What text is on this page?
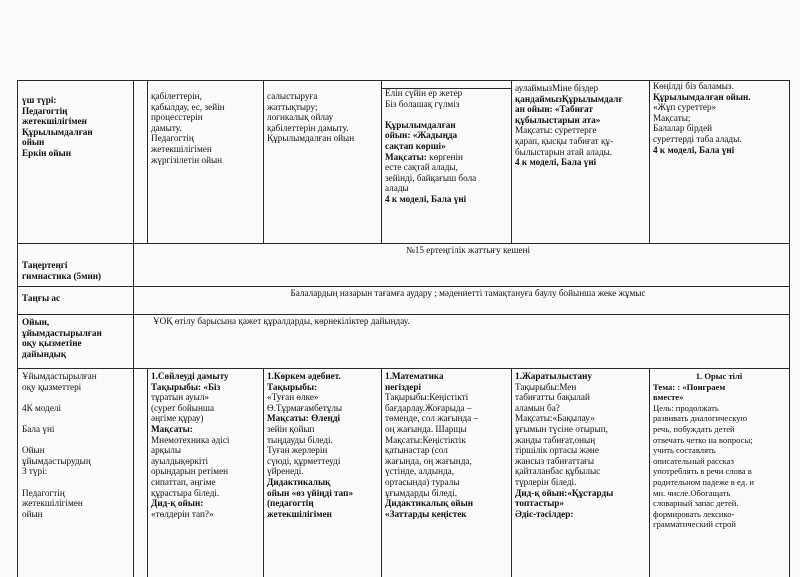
үш түрі:

Педагогтің

жетекшілігімен

Құрылымдалған

ойын

Еркін ойын

қабілеттерін,

қабылдау, ес, зейін

процесстерін

дамыту.

Педагогтің

жетекшілігімен

жүргізілетін ойын

салыстыруға

жаттықтыру;

логикалық ойлау

қабілеттерін дамыту.

Құрылымдалған ойын

Елін сүйін ер жетер

Біз болашақ гүлміз

Құрылымдалған

ойын: «Жадыңда

сақтап көрші»

Мақсаты: көргенін

есте сақтай алады,

зейінді, байқағыш бола

алады

4 к моделі, Бала үні

аулаймызМіне біздер

қандаймызҚұрылымдалғ

ан ойын: «Табиғат

құбылыстарын ата»

Мақсаты: суреттерге

қарап, қысқы табиғат құ-

былыстарын атай алады.

4 к моделі, Бала үні

Көңілді біз баламыз.

Құрылымдалған ойын.

«Жұп суреттер»

Мақсаты;

Балалар бірдей

суреттерді таба алады.

4 к моделі, Бала үні

Таңертеңгі

гимнастика (5мин)

№15 ертеңгілік жаттығу кешені
Таңғы ас	Балалардың назарын тағамға аудару ; мәдениетті тамақтануға баулу бойынша жеке жұмыс

Ойын,

ұйымдастырылған

оқу қызметіне

дайындық

ҰОҚ өтілу барысына қажет құралдарды, көрнекіліктер дайындау.

Ұйымдастырылған

оқу қызметтері

4К моделі

Бала үні

Ойын

ұйымдастырудың

3 түрі:

Педагогтің

жетекшілігімен

ойын

1.Сөйлеуді дамыту

Тақырыбы: «Біз

тұратын ауыл»

(сурет бойынша

әңгіме құрау)

Мақсаты:

Мнемотехника әдісі

арқылы

ауылдықөркіті

орындарын ретімен

сипаттап, әңгіме

құрастыра біледі.

Дид-қ ойын:

«төлдерін тап?»

1.Көркем әдебиет.

Тақырыбы:

«Туған өлке»

Ө.Тұрмағамбетұлы

Мақсаты: Өлеңді

зейін қойып

тыңдауды біледі.

Туған жерлерін

сүюді, құрметтеуді

үйренеді.

Дидактикалық

ойын «өз үйіңді тап»

(педагогтің

жетекшілігімен

1.Математика

негіздері

Тақырыбы:Кеңістікті

бағдарлау.Жоғарыда –

төменде, сол жағында –

оң жағында. Шарщы

Мақсаты:Кеңістіктік

қатынастар (сол

жағында, оң жағында,

үстінде, алдында,

ортасында) туралы

ұғымдарды біледі.

Дидактикалық ойын

«Заттарды кеңістек

1.Жаратылыстану

Тақырыбы:Мен

табиғатты бақылай

аламын ба?

Мақсаты:«Бақылау»

ұғымын түсіне отырып,

жанды табиғат,оның

тіршілік ортасы және

жансыз табиғаттағы

қайталанбас құбылыс

түрлерін біледі.

Дид-қ ойын:«Құстарды

топтастыр»

Әдіс-тәсілдер:

1. Орыс тілі

Тема: : «Поиграем

вместе»

Цель: продолжать

развивать диалогическую

речь, побуждать детей

отвечать четко на вопросы;

учить составлять

описательный рассказ

употреблять в речи слова в

родительном падеже в ед. и

мн. числе.Обогащать

словарный запас детей.

формировать лексико-

грамматический строй
